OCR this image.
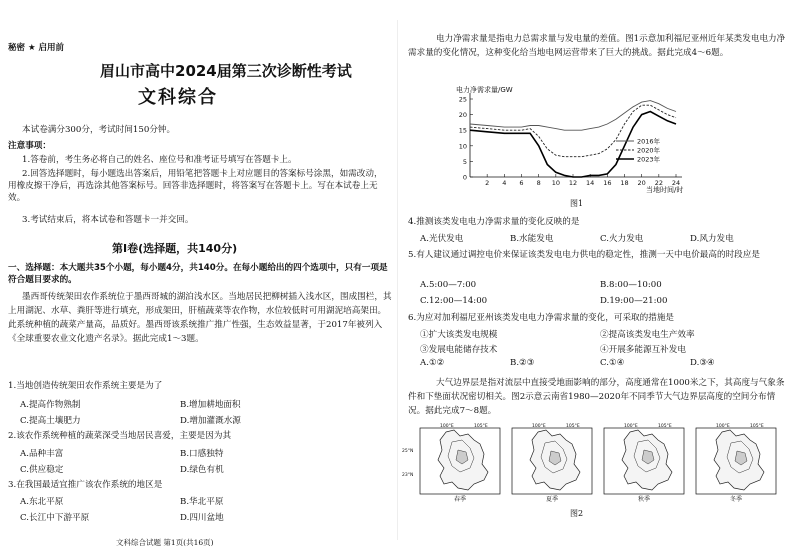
秘密 ★ 启用前
眉山市高中2024届第三次诊断性考试
文科综合
本试卷满分300分，考试时间150分钟。
注意事项：
1.答卷前，考生务必将自己的姓名、座位号和准考证号填写在答题卡上。
2.回答选择题时，每小题选出答案后，用铅笔把答题卡上对应题目的答案标号涂黑，如需改动，用橡皮擦干净后，再选涂其他答案标号。回答非选择题时，将答案写在答题卡上。写在本试卷上无效。
3.考试结束后，将本试卷和答题卡一并交回。
第Ⅰ卷(选择题，共140分)
一、选择题：本大题共35个小题，每小题4分，共140分。在每小题给出的四个选项中，只有一项是符合题目要求的。
墨西哥传统架田农作系统位于墨西哥城的湖泊浅水区。当地居民把柳树插入浅水区，围成围栏，其上用湖泥、水草、粪肝等进行填充，形成架田，肝植蔬菜等农作物，水位较低时可用湖泥培高架田。此系统种植的蔬菜产量高，品质好。墨西哥该系统推广推广性强，生态效益显著，于2017年被列入《全球重要农业文化遗产名录》。据此完成1～3题。
1.当地创造传统架田农作系统主要是为了
A.提高作物熟制	B.增加耕地面积
C.提高土壤肥力	D.增加灌溉水源
2.该农作系统种植的蔬菜深受当地居民喜爱，主要是因为其
A.品种丰富	B.口感独特
C.供应稳定	D.绿色有机
3.在我国最适宜推广该农作系统的地区是
A.东北平原	B.华北平原
C.长江中下游平原	D.四川盆地
文科综合试题 第1页(共16页)
电力净需求量是指电力总需求量与发电量的差值。图1示意加利福尼亚州近年某类发电电力净需求量的变化情况，这种变化给当地电网运营带来了巨大的挑战。据此完成4～6题。
电力净需求量/GW
0
5
10
15
20
25
2 4 6 8 10 12 14 16 18 20 22 24
2016年
2020年
2023年
当地时间/时
图1
4.推测该类发电电力净需求量的变化反映的是
A.光伏发电	B.水能发电	C.火力发电	D.风力发电
5.有人建议通过调控电价来保证该类发电电力供电的稳定性，推测一天中电价最高的时段应是
A.5:00—7:00	B.8:00—10:00
C.12:00—14:00	D.19:00—21:00
6.为应对加利福尼亚州该类发电电力净需求量的变化，可采取的措施是
①扩大该类发电规模	②提高该类发电生产效率
③发展电能储存技术	④开展多能源互补发电
A.①②	B.②③	C.①④	D.③④
大气边界层是指对流层中直接受地面影响的部分，高度通常在1000米之下，其高度与气象条件和下垫面状况密切相关。图2示意云南省1980—2020年不同季节大气边界层高度的空间分布情况。据此完成7～8题。
100°E	105°E
25°N
23°N
春季
100°E	105°E
夏季
100°E	105°E
秋季
100°E	105°E
冬季
图2
